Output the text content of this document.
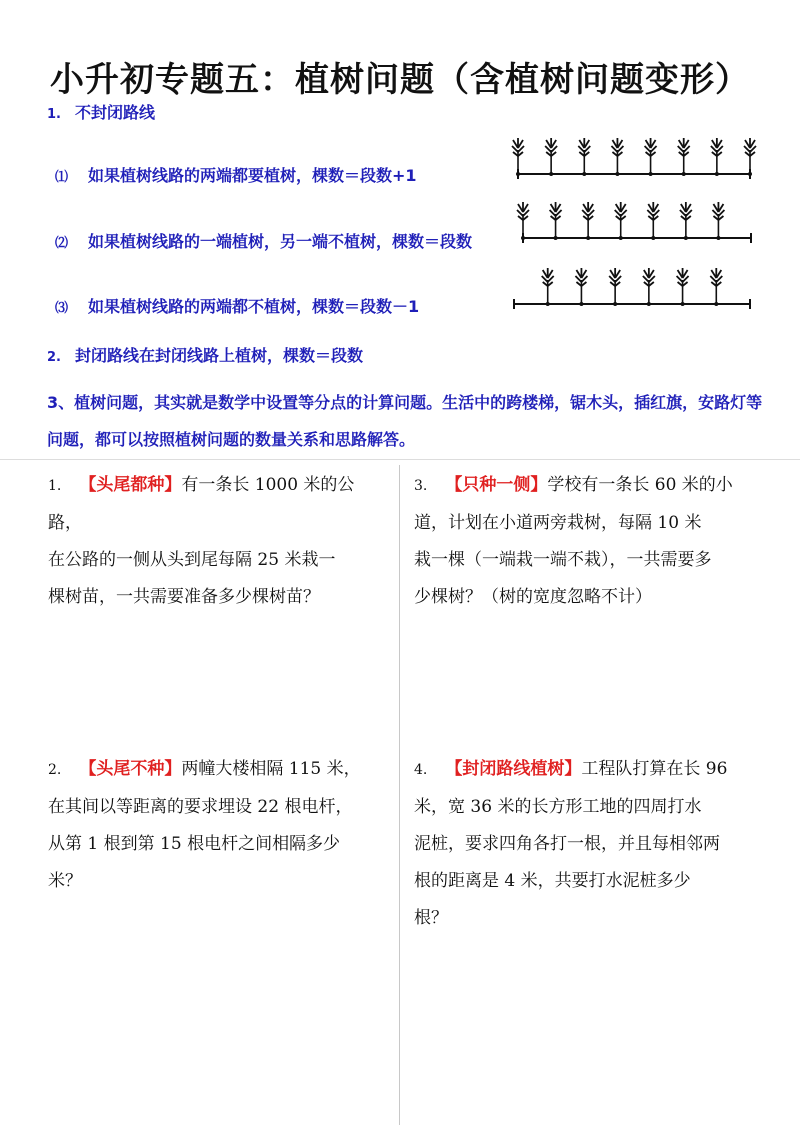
小升初专题五：植树问题（含植树问题变形）
1. 不封闭路线
⑴ 如果植树线路的两端都要植树，棵数＝段数+1
⑵ 如果植树线路的一端植树，另一端不植树，棵数＝段数
⑶ 如果植树线路的两端都不植树，棵数＝段数－1
2. 封闭路线在封闭线路上植树，棵数＝段数
3、植树问题，其实就是数学中设置等分点的计算问题。生活中的跨楼梯，锯木头，插红旗，安路灯等问题，都可以按照植树问题的数量关系和思路解答。
1. 【头尾都种】有一条长 1000 米的公路，
在公路的一侧从头到尾每隔 25 米栽一
棵树苗，一共需要准备多少棵树苗？
3. 【只种一侧】学校有一条长 60 米的小
道，计划在小道两旁栽树，每隔 10 米
栽一棵（一端栽一端不栽），一共需要多
少棵树？（树的宽度忽略不计）
2. 【头尾不种】两幢大楼相隔 115 米，
在其间以等距离的要求埋设 22 根电杆，
从第 1 根到第 15 根电杆之间相隔多少
米？
4. 【封闭路线植树】工程队打算在长 96
米，宽 36 米的长方形工地的四周打水
泥桩，要求四角各打一根，并且每相邻两
根的距离是 4 米，共要打水泥桩多少
根？
